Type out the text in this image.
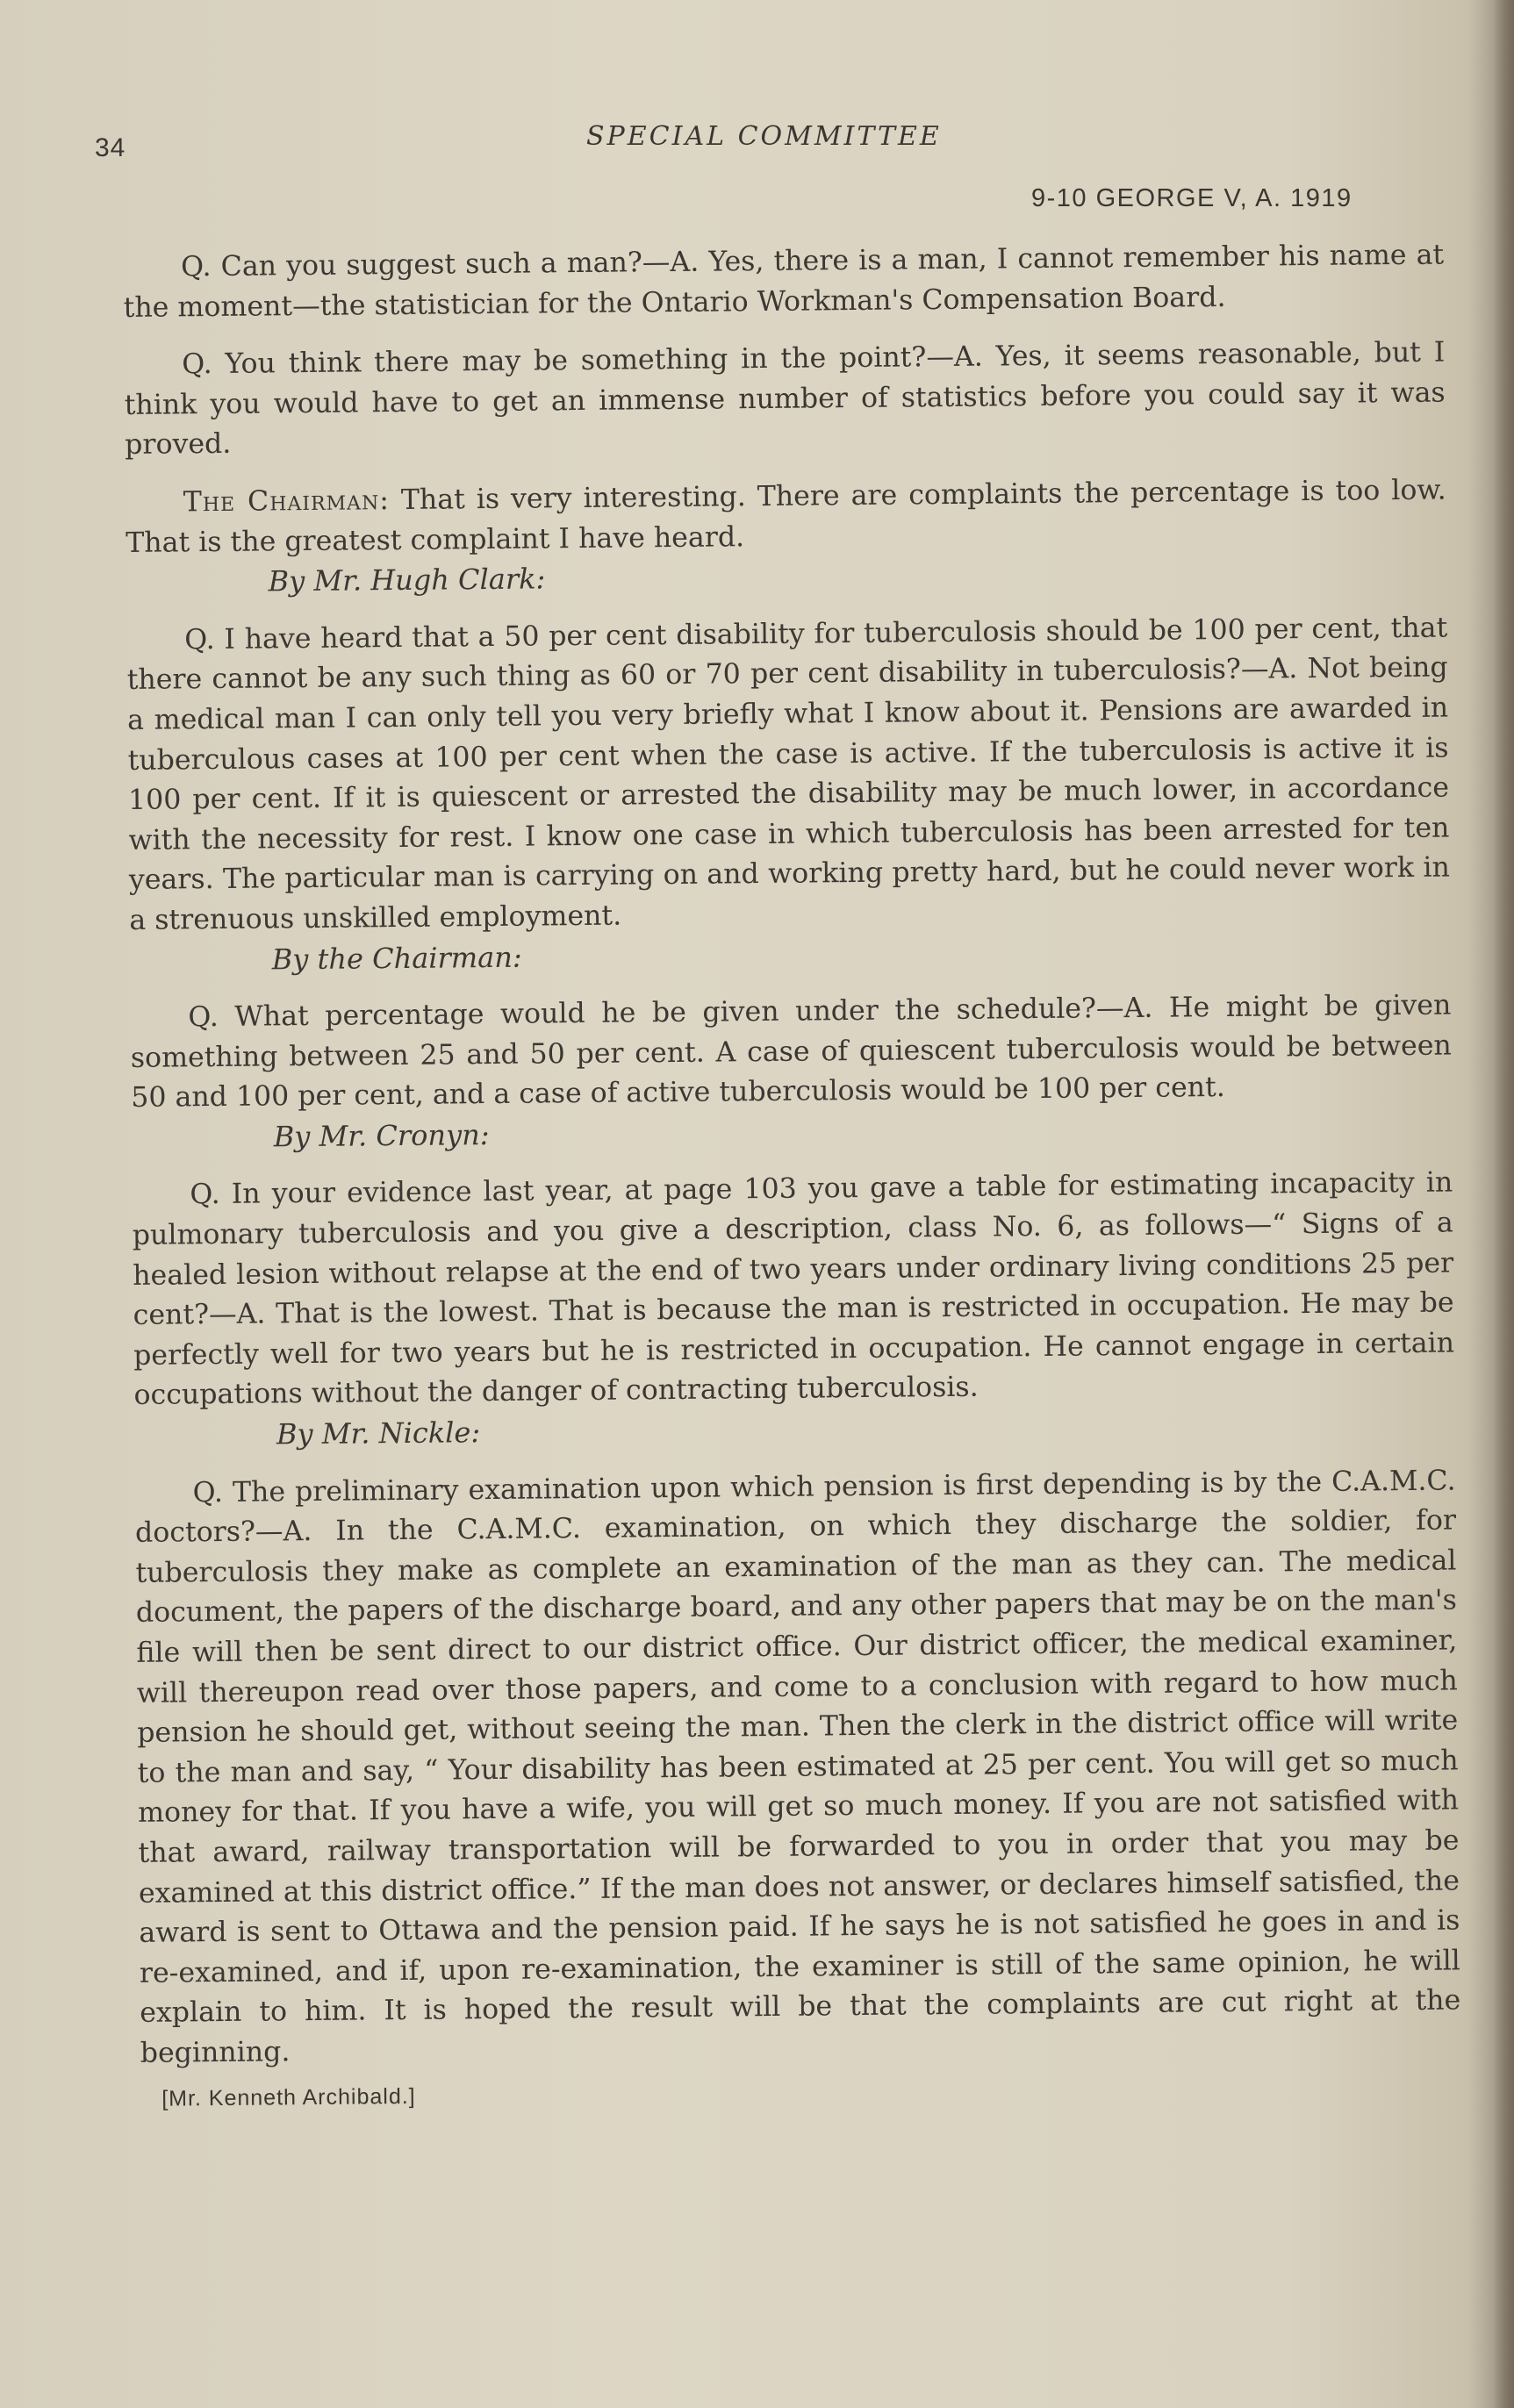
34	SPECIAL COMMITTEE
9-10 GEORGE V, A. 1919

Q. Can you suggest such a man?—A. Yes, there is a man, I cannot remember his name at the moment—the statistician for the Ontario Workman's Compensation Board.

Q. You think there may be something in the point?—A. Yes, it seems reasonable, but I think you would have to get an immense number of statistics before you could say it was proved.

The Chairman: That is very interesting. There are complaints the percentage is too low. That is the greatest complaint I have heard.

By Mr. Hugh Clark:

Q. I have heard that a 50 per cent disability for tuberculosis should be 100 per cent, that there cannot be any such thing as 60 or 70 per cent disability in tuberculosis?—A. Not being a medical man I can only tell you very briefly what I know about it. Pensions are awarded in tuberculous cases at 100 per cent when the case is active. If the tuberculosis is active it is 100 per cent. If it is quiescent or arrested the disability may be much lower, in accordance with the necessity for rest. I know one case in which tuberculosis has been arrested for ten years. The particular man is carrying on and working pretty hard, but he could never work in a strenuous unskilled employment.

By the Chairman:

Q. What percentage would he be given under the schedule?—A. He might be given something between 25 and 50 per cent. A case of quiescent tuberculosis would be between 50 and 100 per cent, and a case of active tuberculosis would be 100 per cent.

By Mr. Cronyn:

Q. In your evidence last year, at page 103 you gave a table for estimating incapacity in pulmonary tuberculosis and you give a description, class No. 6, as follows—“ Signs of a healed lesion without relapse at the end of two years under ordinary living conditions 25 per cent?—A. That is the lowest. That is because the man is restricted in occupation. He may be perfectly well for two years but he is restricted in occupation. He cannot engage in certain occupations without the danger of contracting tuberculosis.

By Mr. Nickle:

Q. The preliminary examination upon which pension is first depending is by the C.A.M.C. doctors?—A. In the C.A.M.C. examination, on which they discharge the soldier, for tuberculosis they make as complete an examination of the man as they can. The medical document, the papers of the discharge board, and any other papers that may be on the man's file will then be sent direct to our district office. Our district officer, the medical examiner, will thereupon read over those papers, and come to a conclusion with regard to how much pension he should get, without seeing the man. Then the clerk in the district office will write to the man and say, “ Your disability has been estimated at 25 per cent. You will get so much money for that. If you have a wife, you will get so much money. If you are not satisfied with that award, railway transportation will be forwarded to you in order that you may be examined at this district office.” If the man does not answer, or declares himself satisfied, the award is sent to Ottawa and the pension paid. If he says he is not satisfied he goes in and is re-examined, and if, upon re-examination, the examiner is still of the same opinion, he will explain to him. It is hoped the result will be that the complaints are cut right at the beginning.

[Mr. Kenneth Archibald.]
